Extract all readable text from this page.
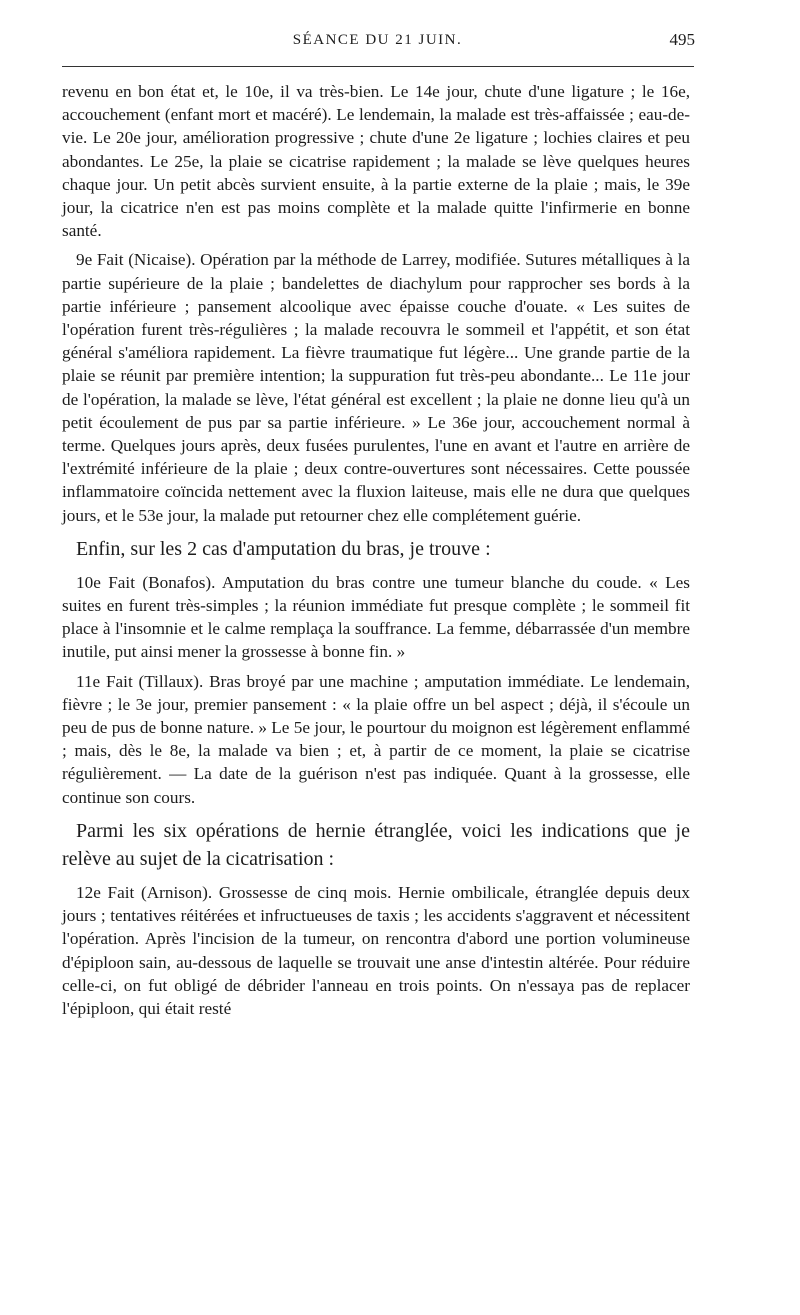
SÉANCE DU 21 JUIN.	495

revenu en bon état et, le 10e, il va très-bien. Le 14e jour, chute d'une ligature ; le 16e, accouchement (enfant mort et macéré). Le lendemain, la malade est très-affaissée ; eau-de-vie. Le 20e jour, amélioration progressive ; chute d'une 2e ligature ; lochies claires et peu abondantes. Le 25e, la plaie se cicatrise rapidement ; la malade se lève quelques heures chaque jour. Un petit abcès survient ensuite, à la partie externe de la plaie ; mais, le 39e jour, la cicatrice n'en est pas moins complète et la malade quitte l'infirmerie en bonne santé.

9e Fait (Nicaise). Opération par la méthode de Larrey, modifiée. Sutures métalliques à la partie supérieure de la plaie ; bandelettes de diachylum pour rapprocher ses bords à la partie inférieure ; pansement alcoolique avec épaisse couche d'ouate. « Les suites de l'opération furent très-régulières ; la malade recouvra le sommeil et l'appétit, et son état général s'améliora rapidement. La fièvre traumatique fut légère... Une grande partie de la plaie se réunit par première intention; la suppuration fut très-peu abondante... Le 11e jour de l'opération, la malade se lève, l'état général est excellent ; la plaie ne donne lieu qu'à un petit écoulement de pus par sa partie inférieure. » Le 36e jour, accouchement normal à terme. Quelques jours après, deux fusées purulentes, l'une en avant et l'autre en arrière de l'extrémité inférieure de la plaie ; deux contre-ouvertures sont nécessaires. Cette poussée inflammatoire coïncida nettement avec la fluxion laiteuse, mais elle ne dura que quelques jours, et le 53e jour, la malade put retourner chez elle complétement guérie.

Enfin, sur les 2 cas d'amputation du bras, je trouve :

10e Fait (Bonafos). Amputation du bras contre une tumeur blanche du coude. « Les suites en furent très-simples ; la réunion immédiate fut presque complète ; le sommeil fit place à l'insomnie et le calme remplaça la souffrance. La femme, débarrassée d'un membre inutile, put ainsi mener la grossesse à bonne fin. »

11e Fait (Tillaux). Bras broyé par une machine ; amputation immédiate. Le lendemain, fièvre ; le 3e jour, premier pansement : « la plaie offre un bel aspect ; déjà, il s'écoule un peu de pus de bonne nature. » Le 5e jour, le pourtour du moignon est légèrement enflammé ; mais, dès le 8e, la malade va bien ; et, à partir de ce moment, la plaie se cicatrise régulièrement. — La date de la guérison n'est pas indiquée. Quant à la grossesse, elle continue son cours.

Parmi les six opérations de hernie étranglée, voici les indications que je relève au sujet de la cicatrisation :

12e Fait (Arnison). Grossesse de cinq mois. Hernie ombilicale, étranglée depuis deux jours ; tentatives réitérées et infructueuses de taxis ; les accidents s'aggravent et nécessitent l'opération. Après l'incision de la tumeur, on rencontra d'abord une portion volumineuse d'épiploon sain, au-dessous de laquelle se trouvait une anse d'intestin altérée. Pour réduire celle-ci, on fut obligé de débrider l'anneau en trois points. On n'essaya pas de replacer l'épiploon, qui était resté
